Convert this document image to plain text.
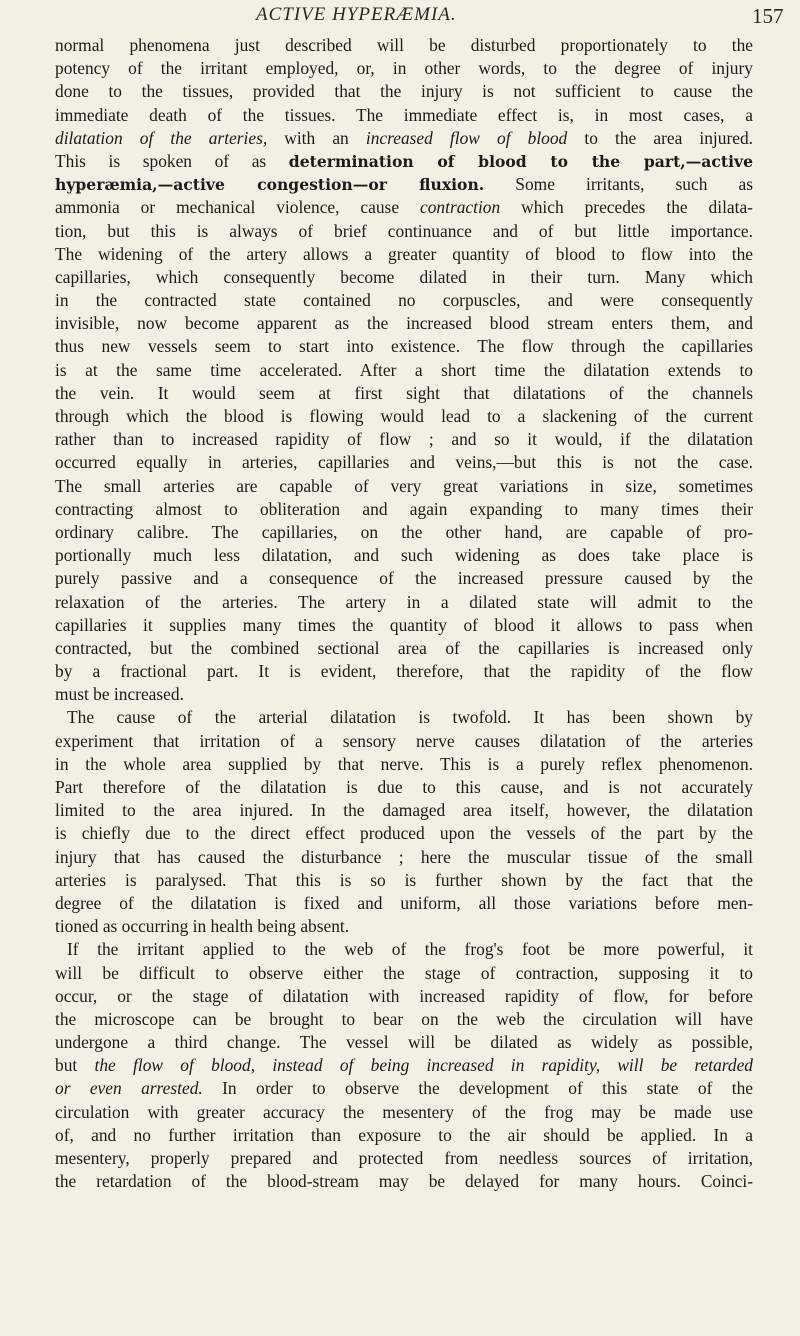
ACTIVE HYPERÆMIA.	157
normal phenomena just described will be disturbed proportionately to the
potency of the irritant employed, or, in other words, to the degree of injury
done to the tissues, provided that the injury is not sufficient to cause the
immediate death of the tissues. The immediate effect is, in most cases, a
dilatation of the arteries, with an increased flow of blood to the area injured.
This is spoken of as determination of blood to the part,—active
hyperæmia,—active congestion—or fluxion. Some irritants, such as
ammonia or mechanical violence, cause contraction which precedes the dilata-
tion, but this is always of brief continuance and of but little importance.
The widening of the artery allows a greater quantity of blood to flow into the
capillaries, which consequently become dilated in their turn. Many which
in the contracted state contained no corpuscles, and were consequently
invisible, now become apparent as the increased blood stream enters them, and
thus new vessels seem to start into existence. The flow through the capillaries
is at the same time accelerated. After a short time the dilatation extends to
the vein. It would seem at first sight that dilatations of the channels
through which the blood is flowing would lead to a slackening of the current
rather than to increased rapidity of flow ; and so it would, if the dilatation
occurred equally in arteries, capillaries and veins,—but this is not the case.
The small arteries are capable of very great variations in size, sometimes
contracting almost to obliteration and again expanding to many times their
ordinary calibre. The capillaries, on the other hand, are capable of pro-
portionally much less dilatation, and such widening as does take place is
purely passive and a consequence of the increased pressure caused by the
relaxation of the arteries. The artery in a dilated state will admit to the
capillaries it supplies many times the quantity of blood it allows to pass when
contracted, but the combined sectional area of the capillaries is increased only
by a fractional part. It is evident, therefore, that the rapidity of the flow
must be increased.
The cause of the arterial dilatation is twofold. It has been shown by
experiment that irritation of a sensory nerve causes dilatation of the arteries
in the whole area supplied by that nerve. This is a purely reflex phenomenon.
Part therefore of the dilatation is due to this cause, and is not accurately
limited to the area injured. In the damaged area itself, however, the dilatation
is chiefly due to the direct effect produced upon the vessels of the part by the
injury that has caused the disturbance ; here the muscular tissue of the small
arteries is paralysed. That this is so is further shown by the fact that the
degree of the dilatation is fixed and uniform, all those variations before men-
tioned as occurring in health being absent.
If the irritant applied to the web of the frog's foot be more powerful, it
will be difficult to observe either the stage of contraction, supposing it to
occur, or the stage of dilatation with increased rapidity of flow, for before
the microscope can be brought to bear on the web the circulation will have
undergone a third change. The vessel will be dilated as widely as possible,
but the flow of blood, instead of being increased in rapidity, will be retarded
or even arrested. In order to observe the development of this state of the
circulation with greater accuracy the mesentery of the frog may be made use
of, and no further irritation than exposure to the air should be applied. In a
mesentery, properly prepared and protected from needless sources of irritation,
the retardation of the blood-stream may be delayed for many hours. Coinci-
